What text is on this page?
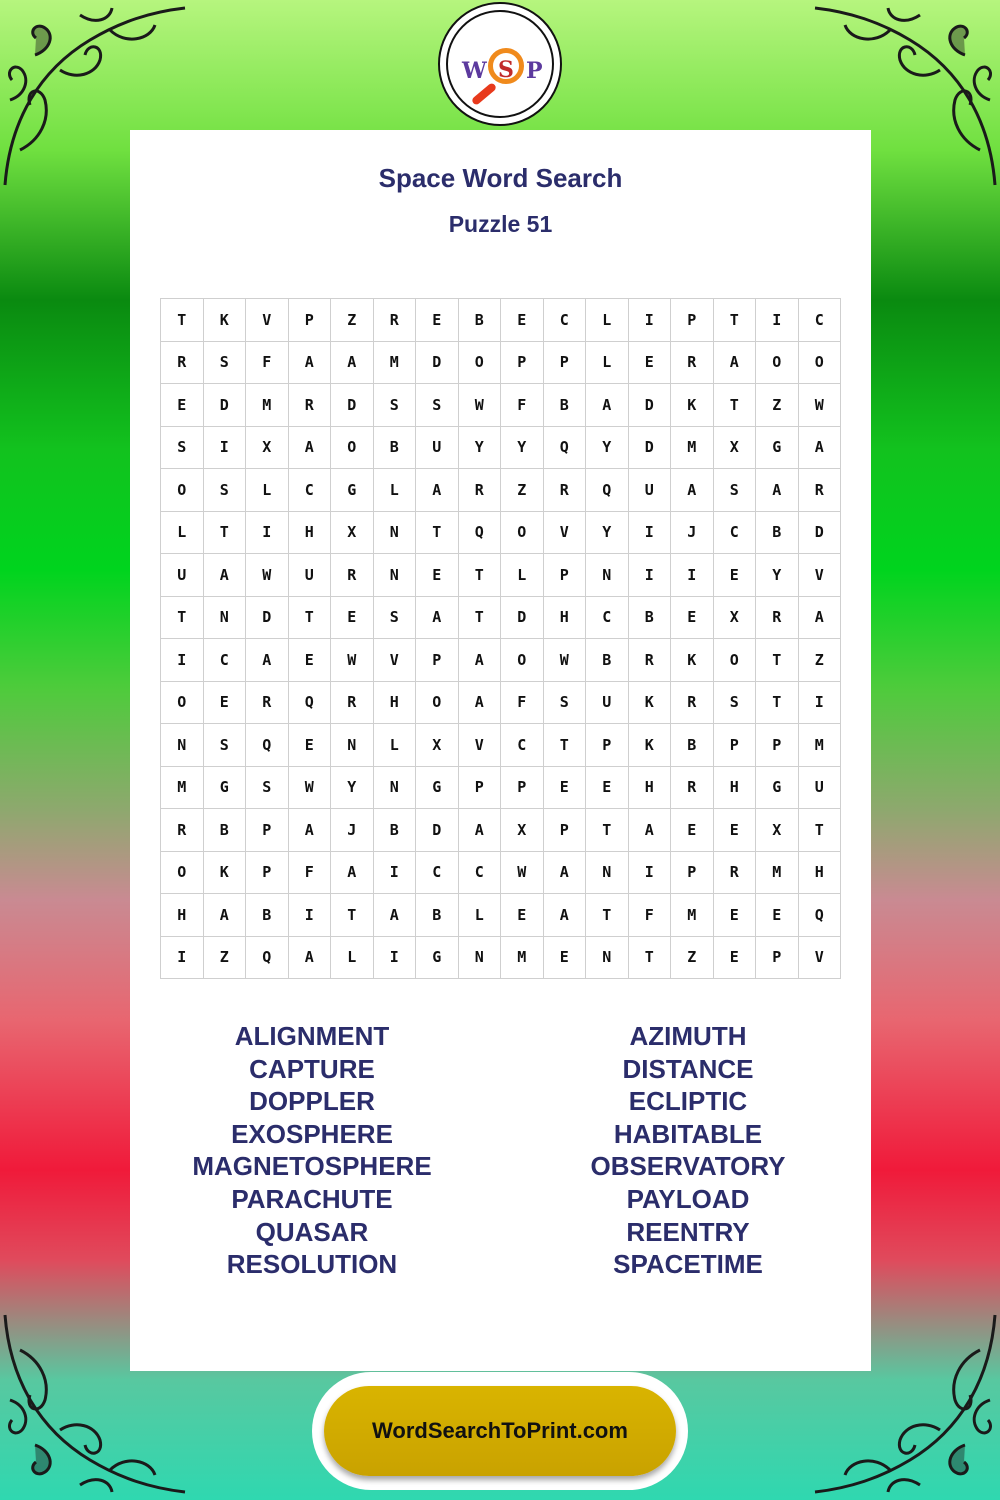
W S P
Space Word Search
Puzzle 51
T	K	V	P	Z	R	E	B	E	C	L	I	P	T	I	C
R	S	F	A	A	M	D	O	P	P	L	E	R	A	O	O
E	D	M	R	D	S	S	W	F	B	A	D	K	T	Z	W
S	I	X	A	O	B	U	Y	Y	Q	Y	D	M	X	G	A
O	S	L	C	G	L	A	R	Z	R	Q	U	A	S	A	R
L	T	I	H	X	N	T	Q	O	V	Y	I	J	C	B	D
U	A	W	U	R	N	E	T	L	P	N	I	I	E	Y	V
T	N	D	T	E	S	A	T	D	H	C	B	E	X	R	A
I	C	A	E	W	V	P	A	O	W	B	R	K	O	T	Z
O	E	R	Q	R	H	O	A	F	S	U	K	R	S	T	I
N	S	Q	E	N	L	X	V	C	T	P	K	B	P	P	M
M	G	S	W	Y	N	G	P	P	E	E	H	R	H	G	U
R	B	P	A	J	B	D	A	X	P	T	A	E	E	X	T
O	K	P	F	A	I	C	C	W	A	N	I	P	R	M	H
H	A	B	I	T	A	B	L	E	A	T	F	M	E	E	Q
I	Z	Q	A	L	I	G	N	M	E	N	T	Z	E	P	V
ALIGNMENT
CAPTURE
DOPPLER
EXOSPHERE
MAGNETOSPHERE
PARACHUTE
QUASAR
RESOLUTION
AZIMUTH
DISTANCE
ECLIPTIC
HABITABLE
OBSERVATORY
PAYLOAD
REENTRY
SPACETIME
WordSearchToPrint.com
